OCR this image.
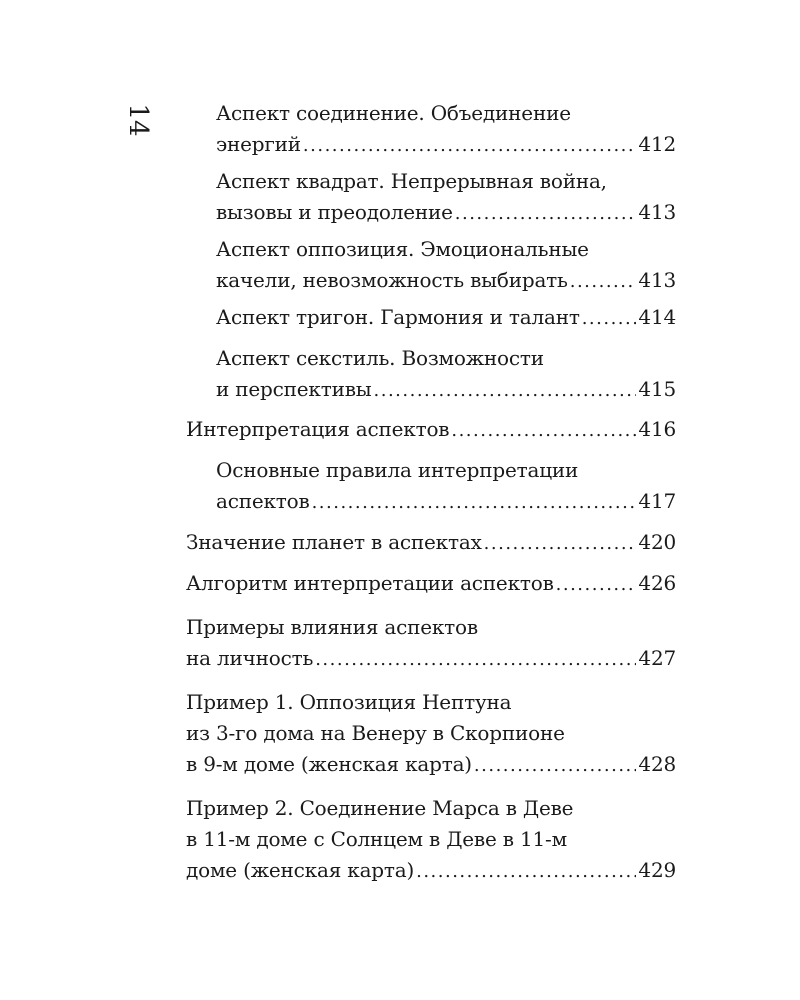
14	Аспект соединение. Объединение
энергий .....	412
Аспект квадрат. Непрерывная война,
вызовы и преодоление .....	413
Аспект оппозиция. Эмоциональные
качели, невозможность выбирать .....	413
Аспект тригон. Гармония и талант .....	414
Аспект секстиль. Возможности
и перспективы .....	415
Интерпретация аспектов .....	416
Основные правила интерпретации
аспектов .....	417
Значение планет в аспектах .....	420
Алгоритм интерпретации аспектов .....	426
Примеры влияния аспектов
на личность .....	427
Пример 1. Оппозиция Нептуна
из 3-го дома на Венеру в Скорпионе
в 9-м доме (женская карта) .....	428
Пример 2. Соединение Марса в Деве
в 11-м доме с Солнцем в Деве в 11-м
доме (женская карта) .....	429
